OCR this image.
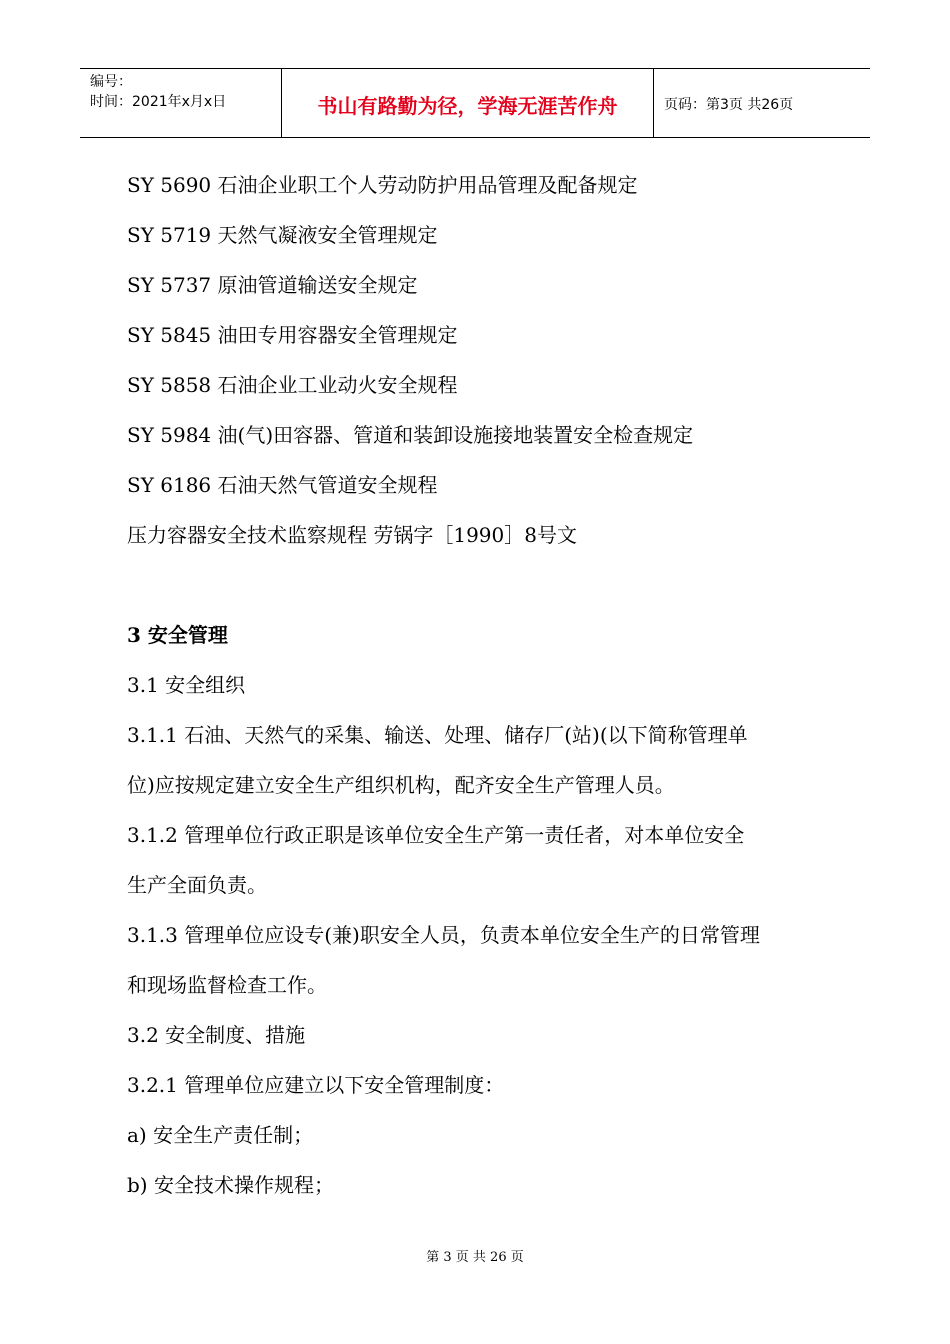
编号：
时间：2021年x月x日	书山有路勤为径，学海无涯苦作舟	页码：第3页 共26页

SY 5690 石油企业职工个人劳动防护用品管理及配备规定

SY 5719 天然气凝液安全管理规定

SY 5737 原油管道输送安全规定

SY 5845 油田专用容器安全管理规定

SY 5858 石油企业工业动火安全规程

SY 5984 油(气)田容器、管道和装卸设施接地装置安全检查规定

SY 6186 石油天然气管道安全规程

压力容器安全技术监察规程 劳锅字［1990］8号文

3 安全管理

3.1 安全组织

3.1.1 石油、天然气的采集、输送、处理、储存厂(站)(以下简称管理单

位)应按规定建立安全生产组织机构，配齐安全生产管理人员。

3.1.2 管理单位行政正职是该单位安全生产第一责任者，对本单位安全

生产全面负责。

3.1.3 管理单位应设专(兼)职安全人员，负责本单位安全生产的日常管理

和现场监督检查工作。

3.2 安全制度、措施

3.2.1 管理单位应建立以下安全管理制度：

a) 安全生产责任制；

b) 安全技术操作规程；

第 3 页 共 26 页
